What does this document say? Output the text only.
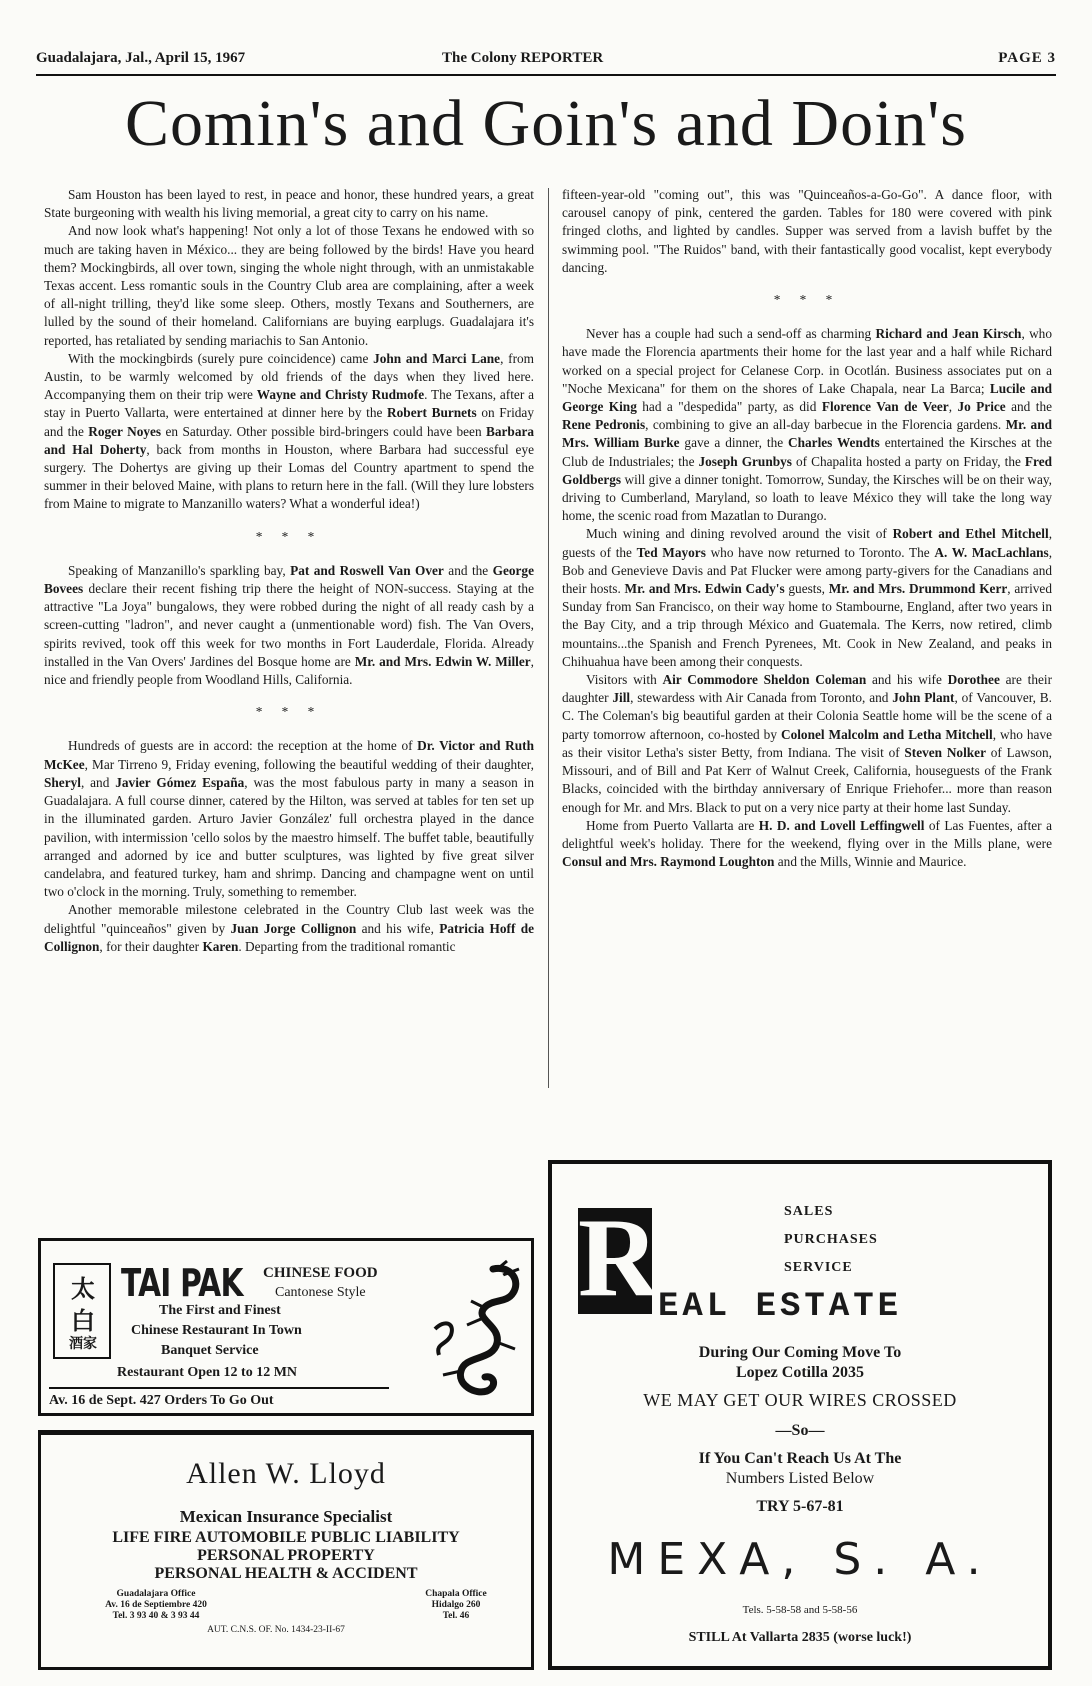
Guadalajara, Jal., April 15, 1967	The Colony REPORTER	PAGE 3
Comin's and Goin's and Doin's

Sam Houston has been layed to rest, in peace and honor, these hundred years, a great State burgeoning with wealth his living memorial, a great city to carry on his name.

And now look what's happening! Not only a lot of those Texans he endowed with so much are taking haven in México... they are being followed by the birds! Have you heard them? Mockingbirds, all over town, singing the whole night through, with an unmistakable Texas accent. Less romantic souls in the Country Club area are complaining, after a week of all-night trilling, they'd like some sleep. Others, mostly Texans and Southerners, are lulled by the sound of their homeland. Californians are buying earplugs. Guadalajara it's reported, has retaliated by sending mariachis to San Antonio.

With the mockingbirds (surely pure coincidence) came John and Marci Lane, from Austin, to be warmly welcomed by old friends of the days when they lived here. Accompanying them on their trip were Wayne and Christy Rudmofe. The Texans, after a stay in Puerto Vallarta, were entertained at dinner here by the Robert Burnets on Friday and the Roger Noyes en Saturday. Other possible bird-bringers could have been Barbara and Hal Doherty, back from months in Houston, where Barbara had successful eye surgery. The Dohertys are giving up their Lomas del Country apartment to spend the summer in their beloved Maine, with plans to return here in the fall. (Will they lure lobsters from Maine to migrate to Manzanillo waters? What a wonderful idea!)

* * *

Speaking of Manzanillo's sparkling bay, Pat and Roswell Van Over and the George Bovees declare their recent fishing trip there the height of NON-success. Staying at the attractive "La Joya" bungalows, they were robbed during the night of all ready cash by a screen-cutting "ladron", and never caught a (unmentionable word) fish. The Van Overs, spirits revived, took off this week for two months in Fort Lauderdale, Florida. Already installed in the Van Overs' Jardines del Bosque home are Mr. and Mrs. Edwin W. Miller, nice and friendly people from Woodland Hills, California.

* * *

Hundreds of guests are in accord: the reception at the home of Dr. Victor and Ruth McKee, Mar Tirreno 9, Friday evening, following the beautiful wedding of their daughter, Sheryl, and Javier Gómez España, was the most fabulous party in many a season in Guadalajara. A full course dinner, catered by the Hilton, was served at tables for ten set up in the illuminated garden. Arturo Javier González' full orchestra played in the dance pavilion, with intermission 'cello solos by the maestro himself. The buffet table, beautifully arranged and adorned by ice and butter sculptures, was lighted by five great silver candelabra, and featured turkey, ham and shrimp. Dancing and champagne went on until two o'clock in the morning. Truly, something to remember.

Another memorable milestone celebrated in the Country Club last week was the delightful "quinceaños" given by Juan Jorge Collignon and his wife, Patricia Hoff de Collignon, for their daughter Karen. Departing from the traditional romantic

fifteen-year-old "coming out", this was "Quinceaños-a-Go-Go". A dance floor, with carousel canopy of pink, centered the garden. Tables for 180 were covered with pink fringed cloths, and lighted by candles. Supper was served from a lavish buffet by the swimming pool. "The Ruidos" band, with their fantastically good vocalist, kept everybody dancing.

* * *

Never has a couple had such a send-off as charming Richard and Jean Kirsch, who have made the Florencia apartments their home for the last year and a half while Richard worked on a special project for Celanese Corp. in Ocotlán. Business associates put on a "Noche Mexicana" for them on the shores of Lake Chapala, near La Barca; Lucile and George King had a "despedida" party, as did Florence Van de Veer, Jo Price and the Rene Pedronis, combining to give an all-day barbecue in the Florencia gardens. Mr. and Mrs. William Burke gave a dinner, the Charles Wendts entertained the Kirsches at the Club de Industriales; the Joseph Grunbys of Chapalita hosted a party on Friday, the Fred Goldbergs will give a dinner tonight. Tomorrow, Sunday, the Kirsches will be on their way, driving to Cumberland, Maryland, so loath to leave México they will take the long way home, the scenic road from Mazatlan to Durango.

Much wining and dining revolved around the visit of Robert and Ethel Mitchell, guests of the Ted Mayors who have now returned to Toronto. The A. W. MacLachlans, Bob and Genevieve Davis and Pat Flucker were among party-givers for the Canadians and their hosts. Mr. and Mrs. Edwin Cady's guests, Mr. and Mrs. Drummond Kerr, arrived Sunday from San Francisco, on their way home to Stambourne, England, after two years in the Bay City, and a trip through México and Guatemala. The Kerrs, now retired, climb mountains...the Spanish and French Pyrenees, Mt. Cook in New Zealand, and peaks in Chihuahua have been among their conquests.

Visitors with Air Commodore Sheldon Coleman and his wife Dorothee are their daughter Jill, stewardess with Air Canada from Toronto, and John Plant, of Vancouver, B. C. The Coleman's big beautiful garden at their Colonia Seattle home will be the scene of a party tomorrow afternoon, co-hosted by Colonel Malcolm and Letha Mitchell, who have as their visitor Letha's sister Betty, from Indiana. The visit of Steven Nolker of Lawson, Missouri, and of Bill and Pat Kerr of Walnut Creek, California, houseguests of the Frank Blacks, coincided with the birthday anniversary of Enrique Friehofer... more than reason enough for Mr. and Mrs. Black to put on a very nice party at their home last Sunday.

Home from Puerto Vallarta are H. D. and Lovell Leffingwell of Las Fuentes, after a delightful week's holiday. There for the weekend, flying over in the Mills plane, were Consul and Mrs. Raymond Loughton and the Mills, Winnie and Maurice.

太
白
酒家
TAI PAK CHINESE FOOD
Cantonese Style
The First and Finest
Chinese Restaurant In Town
Banquet Service
Restaurant Open 12 to 12 MN
Av. 16 de Sept. 427 Orders To Go Out
Allen W. Lloyd
Mexican Insurance Specialist
LIFE FIRE AUTOMOBILE PUBLIC LIABILITY
PERSONAL PROPERTY
PERSONAL HEALTH & ACCIDENT
Guadalajara Office
Av. 16 de Septiembre 420
Tel. 3 93 40 & 3 93 44
Chapala Office
Hidalgo 260
Tel. 46
AUT. C.N.S. OF. No. 1434-23-II-67
R	SALES
PURCHASES
SERVICE
EAL ESTATE
During Our Coming Move To
Lopez Cotilla 2035
WE MAY GET OUR WIRES CROSSED
—So—
If You Can't Reach Us At The
Numbers Listed Below
TRY 5-67-81
MEXA, S. A.
Tels. 5-58-58 and 5-58-56
STILL At Vallarta 2835 (worse luck!)
